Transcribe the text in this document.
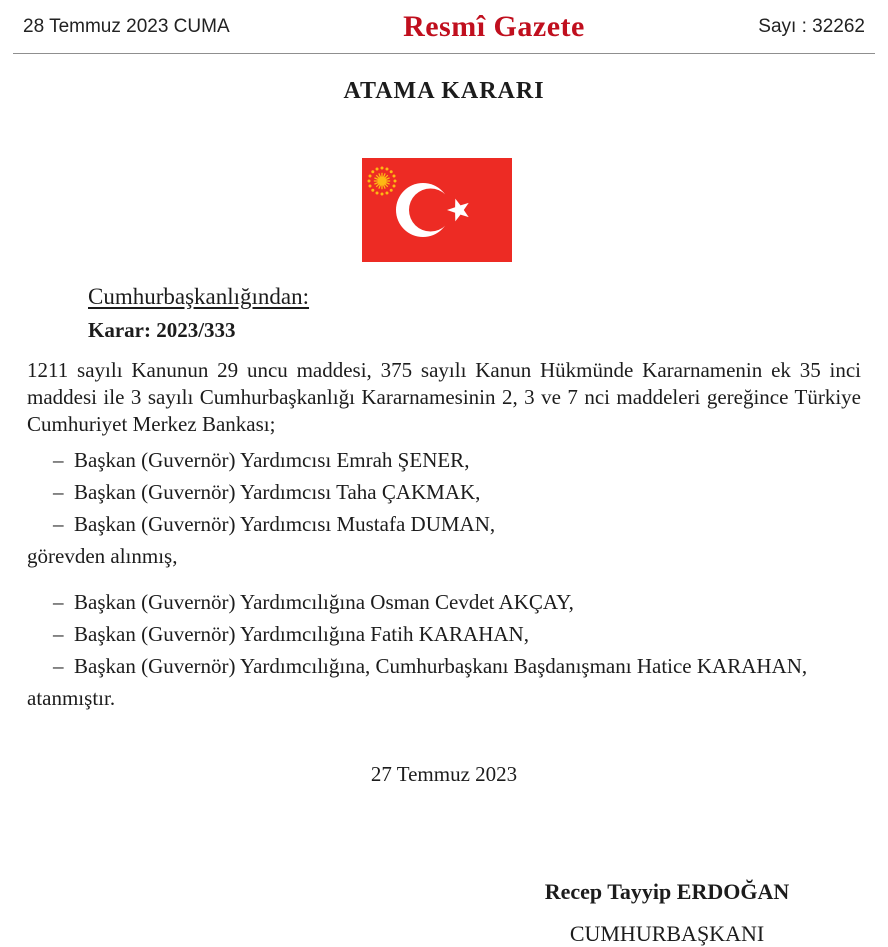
28 Temmuz 2023 CUMA	Resmî Gazete	Sayı : 32262
ATAMA KARARI
Cumhurbaşkanlığından:
Karar: 2023/333

1211 sayılı Kanunun 29 uncu maddesi, 375 sayılı Kanun Hükmünde Kararnamenin ek 35 inci maddesi ile 3 sayılı Cumhurbaşkanlığı Kararnamesinin 2, 3 ve 7 nci maddeleri gereğince Türkiye Cumhuriyet Merkez Bankası;

– Başkan (Guvernör) Yardımcısı Emrah ŞENER,
– Başkan (Guvernör) Yardımcısı Taha ÇAKMAK,
– Başkan (Guvernör) Yardımcısı Mustafa DUMAN,
görevden alınmış,
– Başkan (Guvernör) Yardımcılığına Osman Cevdet AKÇAY,
– Başkan (Guvernör) Yardımcılığına Fatih KARAHAN,
– Başkan (Guvernör) Yardımcılığına, Cumhurbaşkanı Başdanışmanı Hatice KARAHAN,
atanmıştır.
27 Temmuz 2023
Recep Tayyip ERDOĞAN
CUMHURBAŞKANI
